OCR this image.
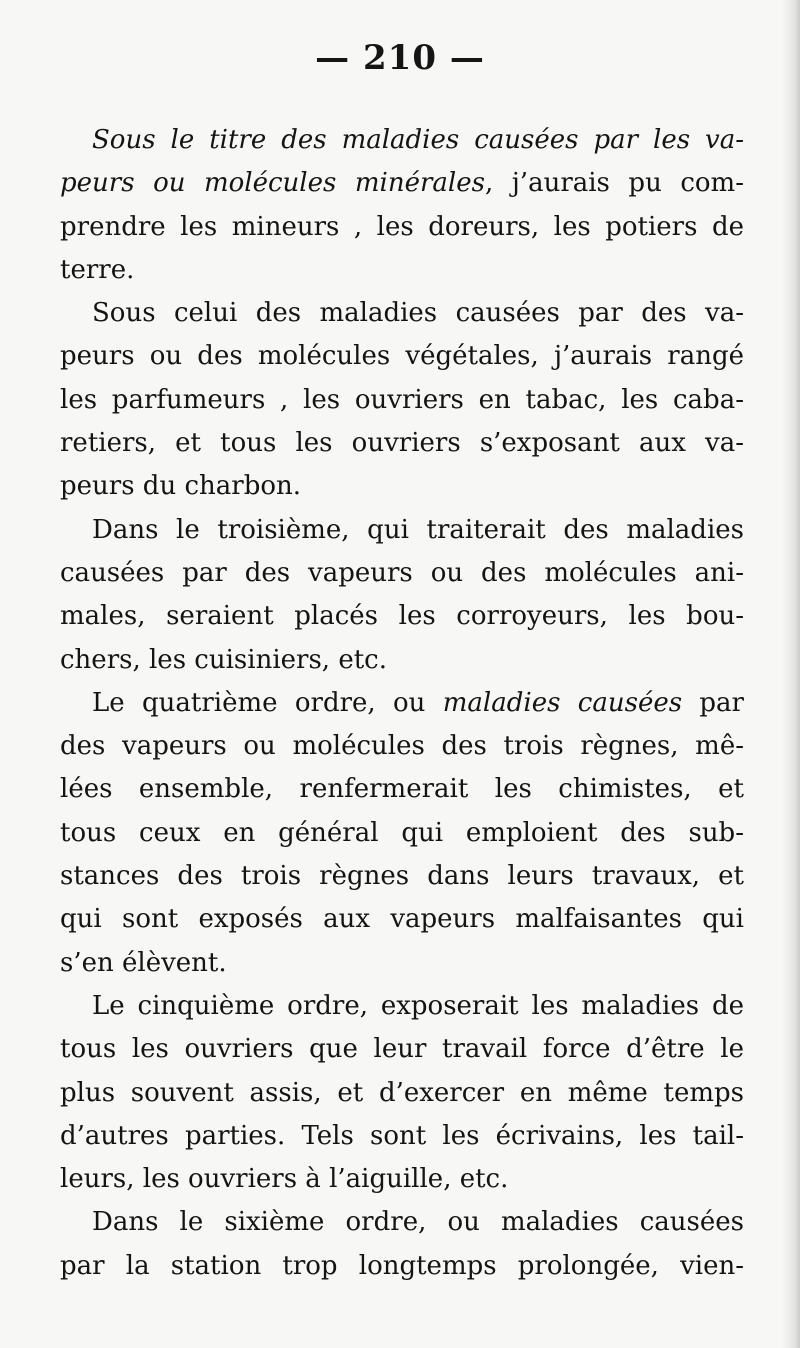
— 210 —
Sous le titre des maladies causées par les va-
peurs ou molécules minérales, j’aurais pu com-
prendre les mineurs , les doreurs, les potiers de
terre.
Sous celui des maladies causées par des va-
peurs ou des molécules végétales, j’aurais rangé
les parfumeurs , les ouvriers en tabac, les caba-
retiers, et tous les ouvriers s’exposant aux va-
peurs du charbon.
Dans le troisième, qui traiterait des maladies
causées par des vapeurs ou des molécules ani-
males, seraient placés les corroyeurs, les bou-
chers, les cuisiniers, etc.
Le quatrième ordre, ou maladies causées par
des vapeurs ou molécules des trois règnes, mê-
lées ensemble, renfermerait les chimistes, et
tous ceux en général qui emploient des sub-
stances des trois règnes dans leurs travaux, et
qui sont exposés aux vapeurs malfaisantes qui
s’en élèvent.
Le cinquième ordre, exposerait les maladies de
tous les ouvriers que leur travail force d’être le
plus souvent assis, et d’exercer en même temps
d’autres parties. Tels sont les écrivains, les tail-
leurs, les ouvriers à l’aiguille, etc.
Dans le sixième ordre, ou maladies causées
par la station trop longtemps prolongée, vien-
